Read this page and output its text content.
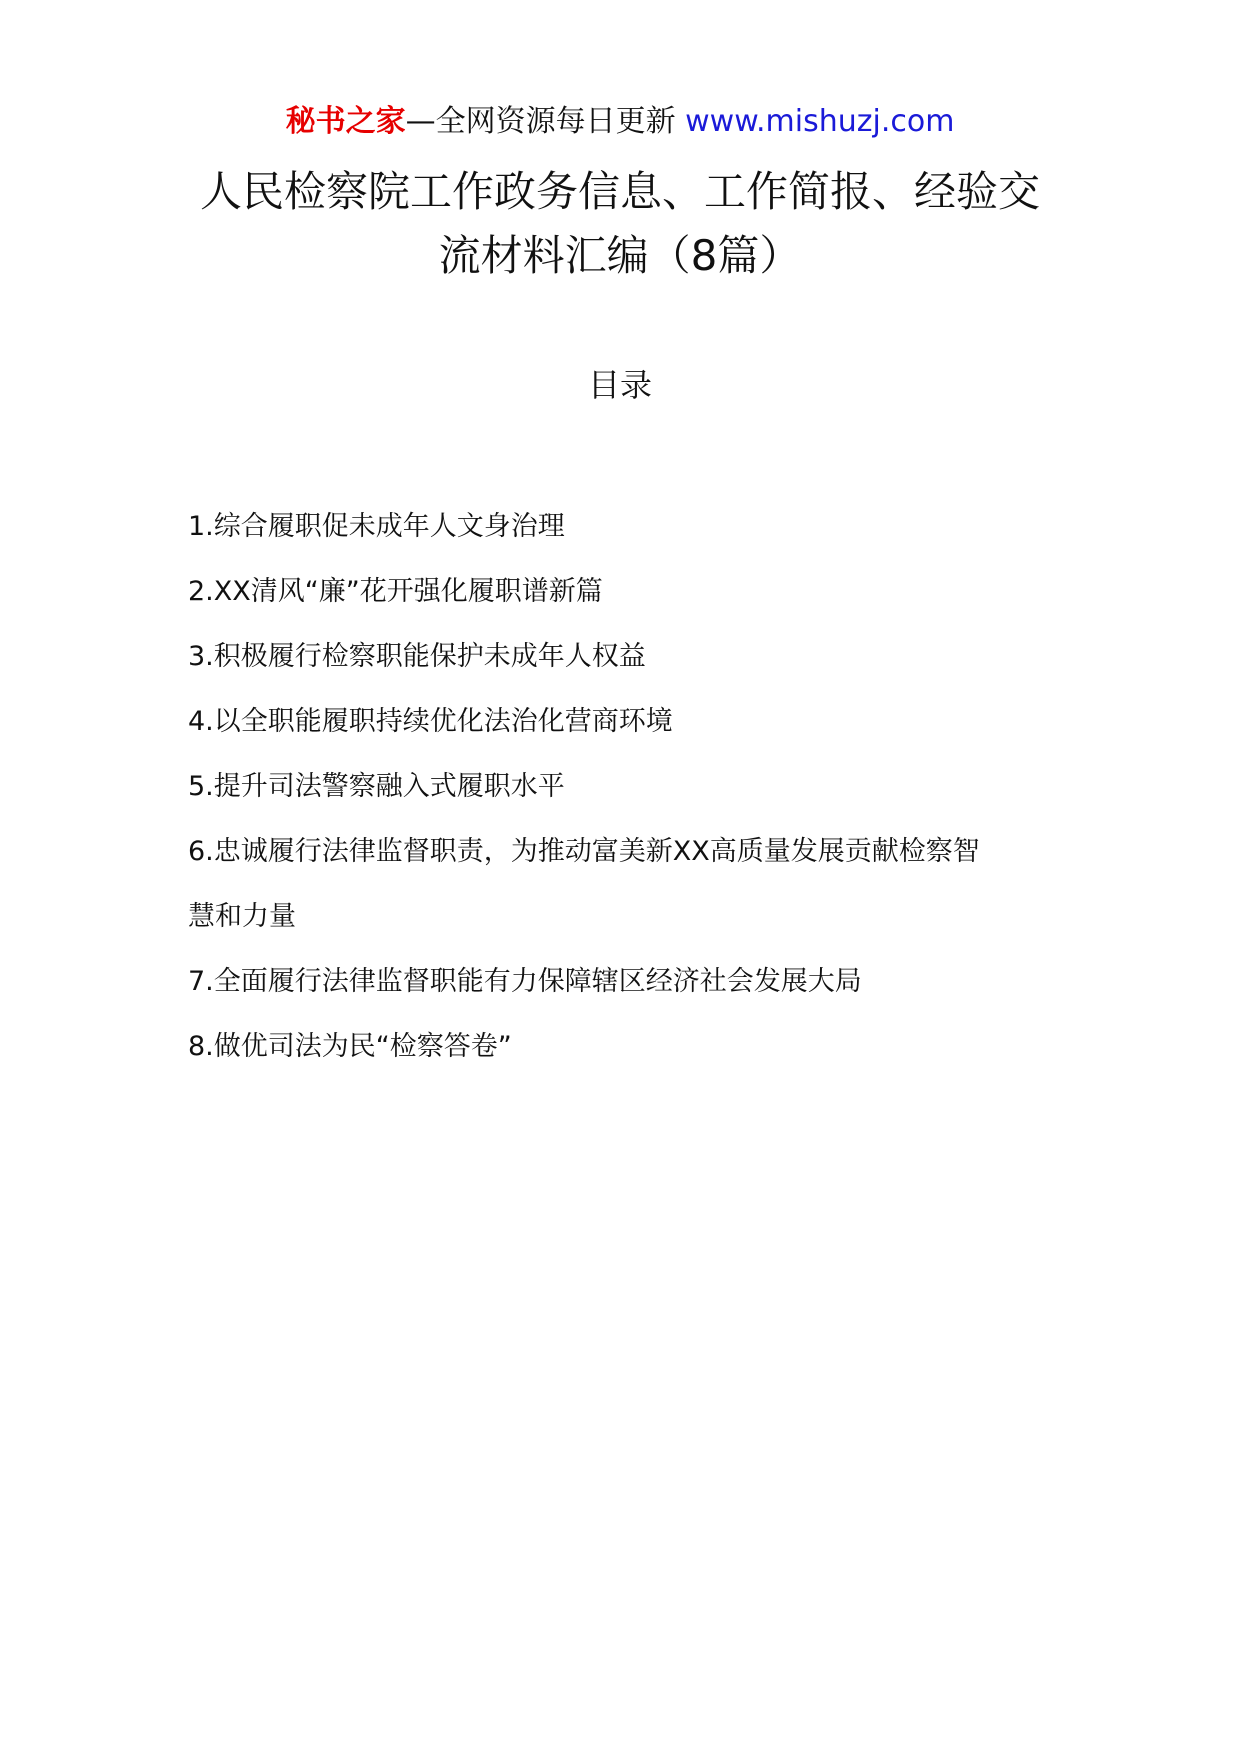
秘书之家—全网资源每日更新 www.mishuzj.com
人民检察院工作政务信息、工作简报、经验交
流材料汇编（8篇）
目录
1.综合履职促未成年人文身治理
2.XX清风“廉”花开强化履职谱新篇
3.积极履行检察职能保护未成年人权益
4.以全职能履职持续优化法治化营商环境
5.提升司法警察融入式履职水平
6.忠诚履行法律监督职责，为推动富美新XX高质量发展贡献检察智
慧和力量
7.全面履行法律监督职能有力保障辖区经济社会发展大局
8.做优司法为民“检察答卷”
